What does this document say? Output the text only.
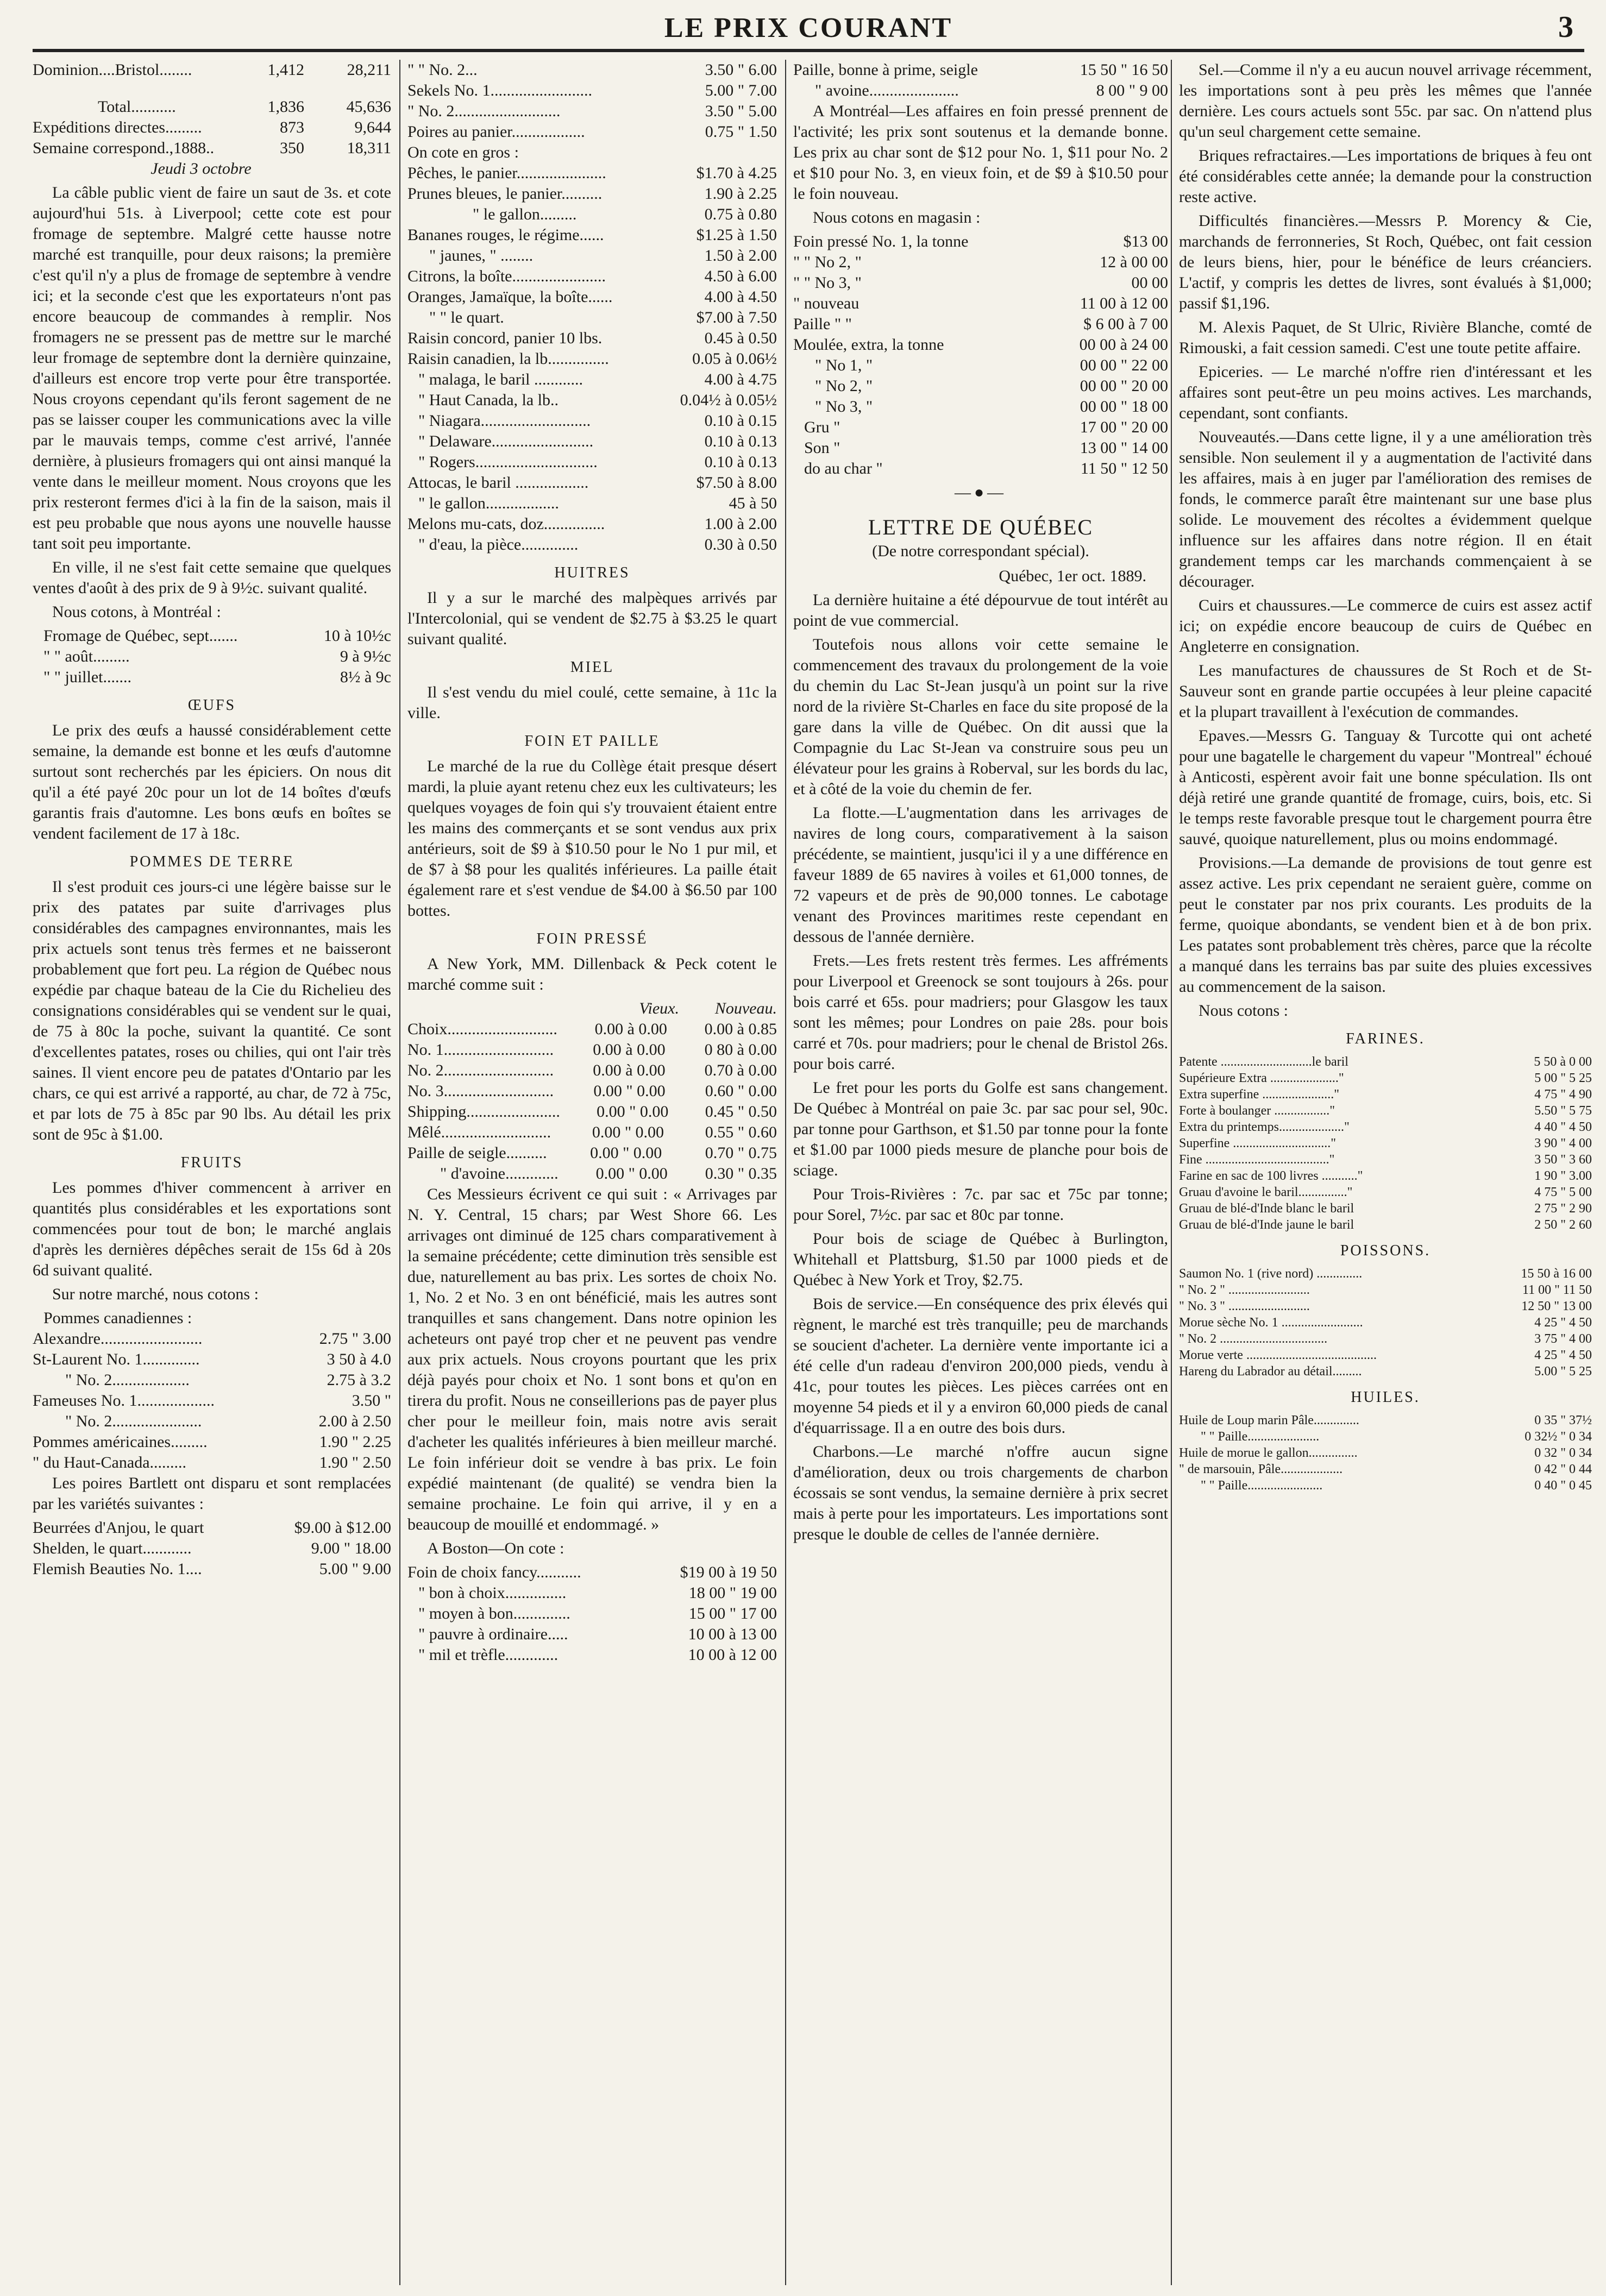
LE PRIX COURANT	3
Dominion....Bristol........	1,412	28,211
Total...........	1,836	45,636
Expéditions directes.........	873	9,644
Semaine correspond.,1888..	350	18,311
Jeudi 3 octobre

La câble public vient de faire un saut de 3s. et cote aujourd'hui 51s. à Liverpool; cette cote est pour fromage de septembre. Malgré cette hausse notre marché est tranquille, pour deux raisons; la première c'est qu'il n'y a plus de fromage de septembre à vendre ici; et la seconde c'est que les exportateurs n'ont pas encore beaucoup de commandes à remplir. Nos fromagers ne se pressent pas de mettre sur le marché leur fromage de septembre dont la dernière quinzaine, d'ailleurs est encore trop verte pour être transportée. Nous croyons cependant qu'ils feront sagement de ne pas se laisser couper les communications avec la ville par le mauvais temps, comme c'est arrivé, l'année dernière, à plusieurs fromagers qui ont ainsi manqué la vente dans le meilleur moment. Nous croyons que les prix resteront fermes d'ici à la fin de la saison, mais il est peu probable que nous ayons une nouvelle hausse tant soit peu importante.

En ville, il ne s'est fait cette semaine que quelques ventes d'août à des prix de 9 à 9½c. suivant qualité.

Nous cotons, à Montréal :

Fromage de Québec, sept.......	10 à 10½c
" " août.........	9 à 9½c
" " juillet.......	8½ à 9c
ŒUFS

Le prix des œufs a haussé considérablement cette semaine, la demande est bonne et les œufs d'automne surtout sont recherchés par les épiciers. On nous dit qu'il a été payé 20c pour un lot de 14 boîtes d'œufs garantis frais d'automne. Les bons œufs en boîtes se vendent facilement de 17 à 18c.

POMMES DE TERRE

Il s'est produit ces jours-ci une légère baisse sur le prix des patates par suite d'arrivages plus considérables des campagnes environnantes, mais les prix actuels sont tenus très fermes et ne baisseront probablement que fort peu. La région de Québec nous expédie par chaque bateau de la Cie du Richelieu des consignations considérables qui se vendent sur le quai, de 75 à 80c la poche, suivant la quantité. Ce sont d'excellentes patates, roses ou chilies, qui ont l'air très saines. Il vient encore peu de patates d'Ontario par les chars, ce qui est arrivé a rapporté, au char, de 72 à 75c, et par lots de 75 à 85c par 90 lbs. Au détail les prix sont de 95c à $1.00.

FRUITS

Les pommes d'hiver commencent à arriver en quantités plus considérables et les exportations sont commencées pour tout de bon; le marché anglais d'après les dernières dépêches serait de 15s 6d à 20s 6d suivant qualité.

Sur notre marché, nous cotons :

Pommes canadiennes :
Alexandre.........................	2.75 " 3.00
St-Laurent No. 1..............	3 50 à 4.0
" No. 2...................	2.75 à 3.2
Fameuses No. 1...................	3.50 "
" No. 2......................	2.00 à 2.50
Pommes américaines.........	1.90 " 2.25
" du Haut-Canada.........	1.90 " 2.50

Les poires Bartlett ont disparu et sont remplacées par les variétés suivantes :

Beurrées d'Anjou, le quart	$9.00 à $12.00
Shelden, le quart............	9.00 " 18.00
Flemish Beauties No. 1....	5.00 " 9.00
" " No. 2...	3.50 " 6.00
Sekels No. 1.........................	5.00 " 7.00
" No. 2..........................	3.50 " 5.00
Poires au panier..................	0.75 " 1.50
On cote en gros :
Pêches, le panier......................	$1.70 à 4.25
Prunes bleues, le panier..........	1.90 à 2.25
" le gallon.........	0.75 à 0.80
Bananes rouges, le régime......	$1.25 à 1.50
" jaunes, " ........	1.50 à 2.00
Citrons, la boîte.......................	4.50 à 6.00
Oranges, Jamaïque, la boîte......	4.00 à 4.50
" " le quart.	$7.00 à 7.50
Raisin concord, panier 10 lbs.	0.45 à 0.50
Raisin canadien, la lb...............	0.05 à 0.06½
" malaga, le baril ............	4.00 à 4.75
" Haut Canada, la lb..	0.04½ à 0.05½
" Niagara...........................	0.10 à 0.15
" Delaware.........................	0.10 à 0.13
" Rogers..............................	0.10 à 0.13
Attocas, le baril ..................	$7.50 à 8.00
" le gallon..................	45 à 50
Melons mu-cats, doz...............	1.00 à 2.00
" d'eau, la pièce..............	0.30 à 0.50
HUITRES

Il y a sur le marché des malpèques arrivés par l'Intercolonial, qui se vendent de $2.75 à $3.25 le quart suivant qualité.

MIEL

Il s'est vendu du miel coulé, cette semaine, à 11c la ville.

FOIN ET PAILLE

Le marché de la rue du Collège était presque désert mardi, la pluie ayant retenu chez eux les cultivateurs; les quelques voyages de foin qui s'y trouvaient étaient entre les mains des commerçants et se sont vendus aux prix antérieurs, soit de $9 à $10.50 pour le No 1 pur mil, et de $7 à $8 pour les qualités inférieures. La paille était également rare et s'est vendue de $4.00 à $6.50 par 100 bottes.

FOIN PRESSÉ

A New York, MM. Dillenback & Peck cotent le marché comme suit :

Vieux.	Nouveau.
Choix...........................	0.00 à 0.00	0.00 à 0.85
No. 1...........................	0.00 à 0.00	0 80 à 0.00
No. 2...........................	0.00 à 0.00	0.70 à 0.00
No. 3...........................	0.00 " 0.00	0.60 " 0.00
Shipping.......................	0.00 " 0.00	0.45 " 0.50
Mêlé...........................	0.00 " 0.00	0.55 " 0.60
Paille de seigle..........	0.00 " 0.00	0.70 " 0.75
" d'avoine.............	0.00 " 0.00	0.30 " 0.35

Ces Messieurs écrivent ce qui suit : « Arrivages par N. Y. Central, 15 chars; par West Shore 66. Les arrivages ont diminué de 125 chars comparativement à la semaine précédente; cette diminution très sensible est due, naturellement au bas prix. Les sortes de choix No. 1, No. 2 et No. 3 en ont bénéficié, mais les autres sont tranquilles et sans changement. Dans notre opinion les acheteurs ont payé trop cher et ne peuvent pas vendre aux prix actuels. Nous croyons pourtant que les prix déjà payés pour choix et No. 1 sont bons et qu'on en tirera du profit. Nous ne conseillerions pas de payer plus cher pour le meilleur foin, mais notre avis serait d'acheter les qualités inférieures à bien meilleur marché. Le foin inférieur doit se vendre à bas prix. Le foin expédié maintenant (de qualité) se vendra bien la semaine prochaine. Le foin qui arrive, il y en a beaucoup de mouillé et endommagé. »

A Boston—On cote :

Foin de choix fancy...........	$19 00 à 19 50
" bon à choix...............	18 00 " 19 00
" moyen à bon..............	15 00 " 17 00
" pauvre à ordinaire.....	10 00 à 13 00
" mil et trèfle.............	10 00 à 12 00
Paille, bonne à prime, seigle	15 50 " 16 50
" avoine......................	8 00 " 9 00

A Montréal—Les affaires en foin pressé prennent de l'activité; les prix sont soutenus et la demande bonne. Les prix au char sont de $12 pour No. 1, $11 pour No. 2 et $10 pour No. 3, en vieux foin, et de $9 à $10.50 pour le foin nouveau.

Nous cotons en magasin :

Foin pressé No. 1, la tonne	$13 00
" " No 2, "	12 à 00 00
" " No 3, "	00 00
" nouveau	11 00 à 12 00
Paille " "	$ 6 00 à 7 00
Moulée, extra, la tonne	00 00 à 24 00
" No 1, "	00 00 " 22 00
" No 2, "	00 00 " 20 00
" No 3, "	00 00 " 18 00
Gru "	17 00 " 20 00
Son "	13 00 " 14 00
do au char "	11 50 " 12 50
—●—
LETTRE DE QUÉBEC
(De notre correspondant spécial).
Québec, 1er oct. 1889.

La dernière huitaine a été dépourvue de tout intérêt au point de vue commercial.

Toutefois nous allons voir cette semaine le commencement des travaux du prolongement de la voie du chemin du Lac St-Jean jusqu'à un point sur la rive nord de la rivière St-Charles en face du site proposé de la gare dans la ville de Québec. On dit aussi que la Compagnie du Lac St-Jean va construire sous peu un élévateur pour les grains à Roberval, sur les bords du lac, et à côté de la voie du chemin de fer.

La flotte.—L'augmentation dans les arrivages de navires de long cours, comparativement à la saison précédente, se maintient, jusqu'ici il y a une différence en faveur 1889 de 65 navires à voiles et 61,000 tonnes, de 72 vapeurs et de près de 90,000 tonnes. Le cabotage venant des Provinces maritimes reste cependant en dessous de l'année dernière.

Frets.—Les frets restent très fermes. Les affréments pour Liverpool et Greenock se sont toujours à 26s. pour bois carré et 65s. pour madriers; pour Glasgow les taux sont les mêmes; pour Londres on paie 28s. pour bois carré et 70s. pour madriers; pour le chenal de Bristol 26s. pour bois carré.

Le fret pour les ports du Golfe est sans changement. De Québec à Montréal on paie 3c. par sac pour sel, 90c. par tonne pour Garthson, et $1.50 par tonne pour la fonte et $1.00 par 1000 pieds mesure de planche pour bois de sciage.

Pour Trois-Rivières : 7c. par sac et 75c par tonne; pour Sorel, 7½c. par sac et 80c par tonne.

Pour bois de sciage de Québec à Burlington, Whitehall et Plattsburg, $1.50 par 1000 pieds et de Québec à New York et Troy, $2.75.

Bois de service.—En conséquence des prix élevés qui règnent, le marché est très tranquille; peu de marchands se soucient d'acheter. La dernière vente importante ici a été celle d'un radeau d'environ 200,000 pieds, vendu à 41c, pour toutes les pièces. Les pièces carrées ont en moyenne 54 pieds et il y a environ 60,000 pieds de canal d'équarrissage. Il a en outre des bois durs.

Charbons.—Le marché n'offre aucun signe d'amélioration, deux ou trois chargements de charbon écossais se sont vendus, la semaine dernière à prix secret mais à perte pour les importateurs. Les importations sont presque le double de celles de l'année dernière.

Sel.—Comme il n'y a eu aucun nouvel arrivage récemment, les importations sont à peu près les mêmes que l'année dernière. Les cours actuels sont 55c. par sac. On n'attend plus qu'un seul chargement cette semaine.

Briques refractaires.—Les importations de briques à feu ont été considérables cette année; la demande pour la construction reste active.

Difficultés financières.—Messrs P. Morency & Cie, marchands de ferronneries, St Roch, Québec, ont fait cession de leurs biens, hier, pour le bénéfice de leurs créanciers. L'actif, y compris les dettes de livres, sont évalués à $1,000; passif $1,196.

M. Alexis Paquet, de St Ulric, Rivière Blanche, comté de Rimouski, a fait cession samedi. C'est une toute petite affaire.

Epiceries. — Le marché n'offre rien d'intéressant et les affaires sont peut-être un peu moins actives. Les marchands, cependant, sont confiants.

Nouveautés.—Dans cette ligne, il y a une amélioration très sensible. Non seulement il y a augmentation de l'activité dans les affaires, mais à en juger par l'amélioration des remises de fonds, le commerce paraît être maintenant sur une base plus solide. Le mouvement des récoltes a évidemment quelque influence sur les affaires dans notre région. Il en était grandement temps car les marchands commençaient à se décourager.

Cuirs et chaussures.—Le commerce de cuirs est assez actif ici; on expédie encore beaucoup de cuirs de Québec en Angleterre en consignation.

Les manufactures de chaussures de St Roch et de St-Sauveur sont en grande partie occupées à leur pleine capacité et la plupart travaillent à l'exécution de commandes.

Epaves.—Messrs G. Tanguay & Turcotte qui ont acheté pour une bagatelle le chargement du vapeur "Montreal" échoué à Anticosti, espèrent avoir fait une bonne spéculation. Ils ont déjà retiré une grande quantité de fromage, cuirs, bois, etc. Si le temps reste favorable presque tout le chargement pourra être sauvé, quoique naturellement, plus ou moins endommagé.

Provisions.—La demande de provisions de tout genre est assez active. Les prix cependant ne seraient guère, comme on peut le constater par nos prix courants. Les produits de la ferme, quoique abondants, se vendent bien et à de bon prix. Les patates sont probablement très chères, parce que la récolte a manqué dans les terrains bas par suite des pluies excessives au commencement de la saison.

Nous cotons :

FARINES.
Patente ............................le baril	5 50 à 0 00
Supérieure Extra ....................."	5 00 " 5 25
Extra superfine ......................"	4 75 " 4 90
Forte à boulanger ................."	5.50 " 5 75
Extra du printemps...................."	4 40 " 4 50
Superfine .............................."	3 90 " 4 00
Fine ......................................"	3 50 " 3 60
Farine en sac de 100 livres ..........."	1 90 " 3.00
Gruau d'avoine le baril..............."	4 75 " 5 00
Gruau de blé-d'Inde blanc le baril	2 75 " 2 90
Gruau de blé-d'Inde jaune le baril	2 50 " 2 60
POISSONS.
Saumon No. 1 (rive nord) ..............	15 50 à 16 00
" No. 2 " .........................	11 00 " 11 50
" No. 3 " .........................	12 50 " 13 00
Morue sèche No. 1 .........................	4 25 " 4 50
" No. 2 .................................	3 75 " 4 00
Morue verte ........................................	4 25 " 4 50
Hareng du Labrador au détail.........	5.00 " 5 25
HUILES.
Huile de Loup marin Pâle..............	0 35 " 37½
" " Paille......................	0 32½ " 0 34
Huile de morue le gallon...............	0 32 " 0 34
" de marsouin, Pâle...................	0 42 " 0 44
" " Paille.......................	0 40 " 0 45
